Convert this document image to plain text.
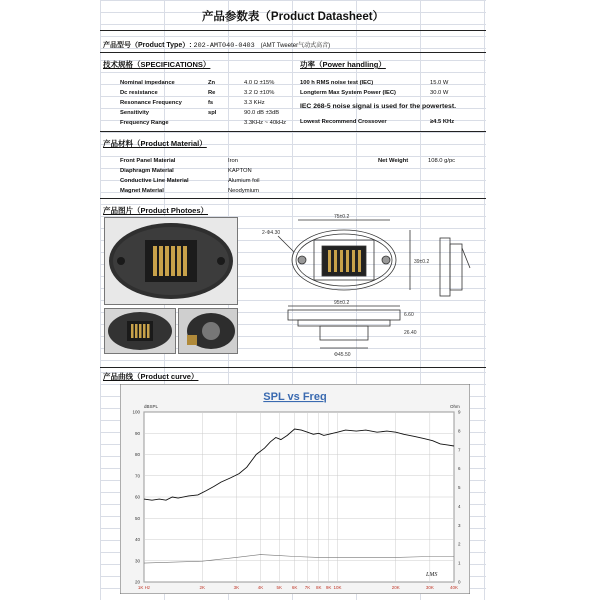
产品参数表（Product Datasheet）
产品型号（Product Type）: 202-AMT040-0403 (AMT Tweeter气动式高音)
技术规格（SPECIFICATIONS）	功率（Power handling）
IEC 268-5 noise signal is used for the powertest.
Lowest Recommend Crossover	≥4.5 KHz
产品材料（Product Material）
Net Weight	108.0 g/pc
产品图片（Product Photoes）
75±0.2
2-Φ4.30
39±0.2
95±0.2
Φ45.50
6.60
26.40
产品曲线（Product curve）
SPL vs Freq
dBSPL	Ohm
1K Hz	2K	3K	4K	5K 6K 7K 8K 9K 10K	20K	30K	40K
100
90
80
70
60
50
40
30
20
9
8
7
6
5
4
3
2
1
0
LMS
Nominal impedance	Zn	4.0 Ω ±15%
Dc resistance	Re	3.2 Ω ±10%
Resonance Frequency	fs	3.3 KHz
Sensitivity	spl	90.0 dB ±3dB
Frequency Range	3.3KHz ~ 40kHz
100 h RMS noise test (IEC)	15.0 W
Longterm Max System Power (IEC)	30.0 W
Front Panel Material	Iron
Diaphragm Material	KAPTON
Conductive Line Material	Alumium foil
Magnet Material	Neodymium
